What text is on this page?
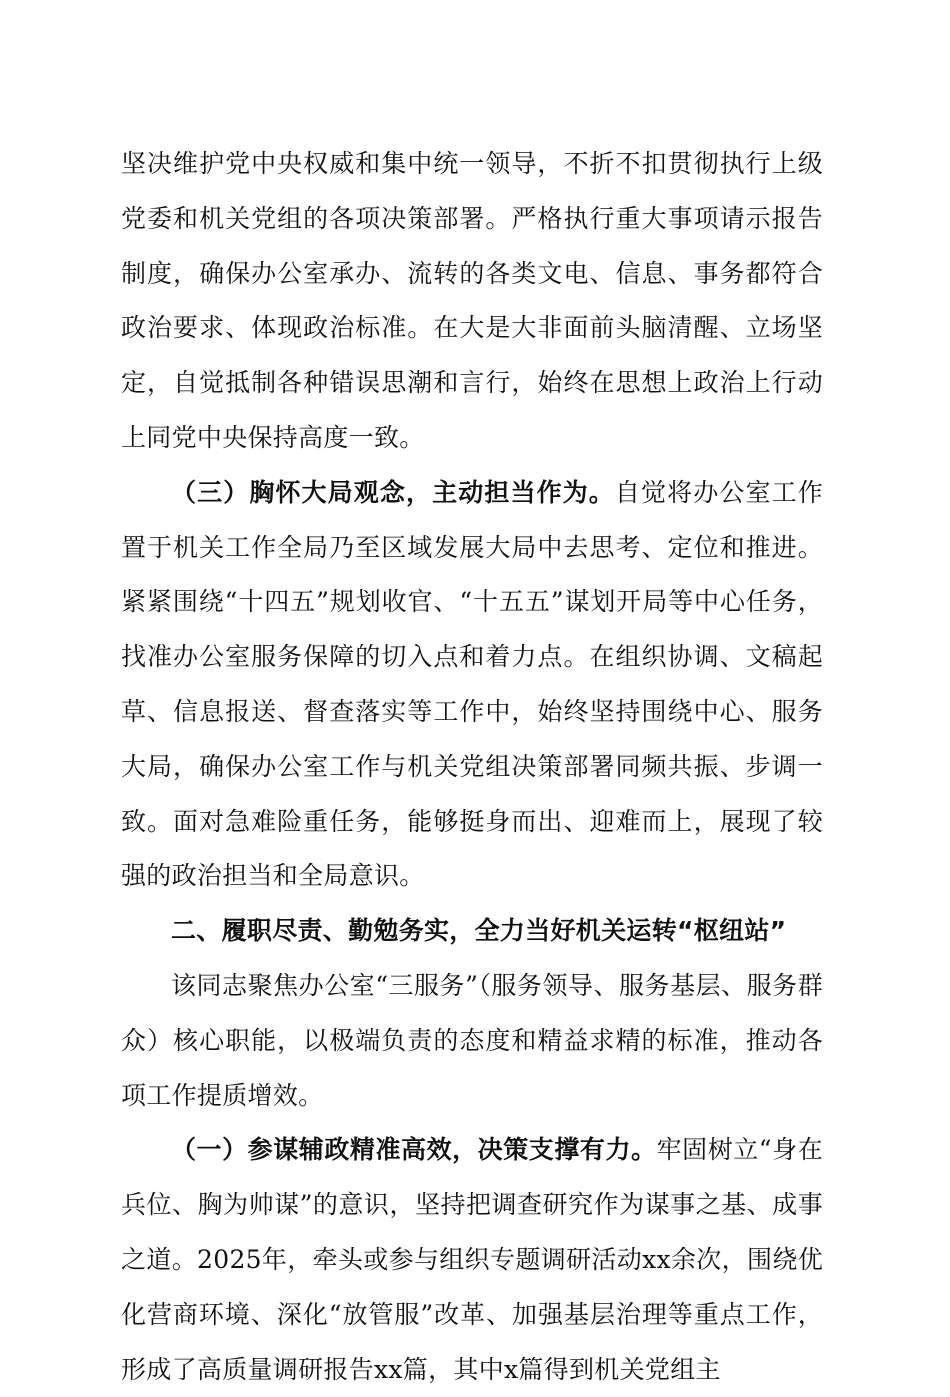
坚决维护党中央权威和集中统一领导，不折不扣贯彻执行上级党委和机关党组的各项决策部署。严格执行重大事项请示报告制度，确保办公室承办、流转的各类文电、信息、事务都符合政治要求、体现政治标准。在大是大非面前头脑清醒、立场坚定，自觉抵制各种错误思潮和言行，始终在思想上政治上行动上同党中央保持高度一致。

（三）胸怀大局观念，主动担当作为。自觉将办公室工作置于机关工作全局乃至区域发展大局中去思考、定位和推进。紧紧围绕“十四五”规划收官、“十五五”谋划开局等中心任务，找准办公室服务保障的切入点和着力点。在组织协调、文稿起草、信息报送、督查落实等工作中，始终坚持围绕中心、服务大局，确保办公室工作与机关党组决策部署同频共振、步调一致。面对急难险重任务，能够挺身而出、迎难而上，展现了较强的政治担当和全局意识。

二、履职尽责、勤勉务实，全力当好机关运转“枢纽站”

该同志聚焦办公室“三服务”（服务领导、服务基层、服务群众）核心职能，以极端负责的态度和精益求精的标准，推动各项工作提质增效。

（一）参谋辅政精准高效，决策支撑有力。牢固树立“身在兵位、胸为帅谋”的意识，坚持把调查研究作为谋事之基、成事之道。2025年，牵头或参与组织专题调研活动xx余次，围绕优化营商环境、深化“放管服”改革、加强基层治理等重点工作，形成了高质量调研报告xx篇，其中x篇得到机关党组主
